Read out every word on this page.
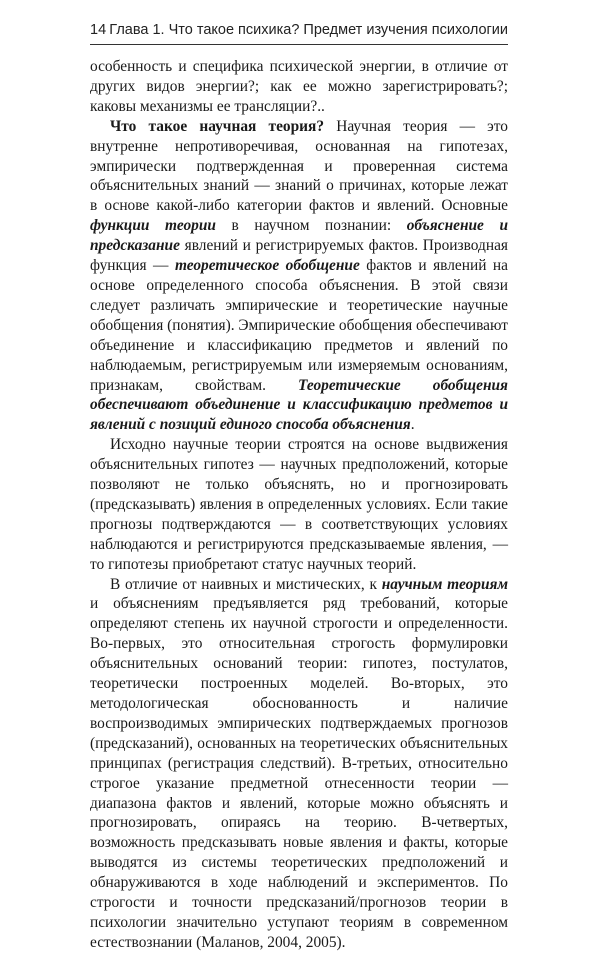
14 Глава 1. Что такое психика? Предмет изучения психологии

особенность и специфика психической энергии, в отличие от других видов энергии?; как ее можно зарегистрировать?; каковы механизмы ее трансляции?..

Что такое научная теория? Научная теория — это внутренне непротиворечивая, основанная на гипотезах, эмпирически подтвержденная и проверенная система объяснительных знаний — знаний о причинах, которые лежат в основе какой-либо категории фактов и явлений. Основные функции теории в научном познании: объяснение и предсказание явлений и регистрируемых фактов. Производная функция — теоретическое обобщение фактов и явлений на основе определенного способа объяснения. В этой связи следует различать эмпирические и теоретические научные обобщения (понятия). Эмпирические обобщения обеспечивают объединение и классификацию предметов и явлений по наблюдаемым, регистрируемым или измеряемым основаниям, признакам, свойствам. Теоретические обобщения обеспечивают объединение и классификацию предметов и явлений с позиций единого способа объяснения.

Исходно научные теории строятся на основе выдвижения объяснительных гипотез — научных предположений, которые позволяют не только объяснять, но и прогнозировать (предсказывать) явления в определенных условиях. Если такие прогнозы подтверждаются — в соответствующих условиях наблюдаются и регистрируются предсказываемые явления, — то гипотезы приобретают статус научных теорий.

В отличие от наивных и мистических, к научным теориям и объяснениям предъявляется ряд требований, которые определяют степень их научной строгости и определенности. Во-первых, это относительная строгость формулировки объяснительных оснований теории: гипотез, постулатов, теоретически построенных моделей. Во-вторых, это методологическая обоснованность и наличие воспроизводимых эмпирических подтверждаемых прогнозов (предсказаний), основанных на теоретических объяснительных принципах (регистрация следствий). В-третьих, относительно строгое указание предметной отнесенности теории — диапазона фактов и явлений, которые можно объяснять и прогнозировать, опираясь на теорию. В-четвертых, возможность предсказывать новые явления и факты, которые выводятся из системы теоретических предположений и обнаруживаются в ходе наблюдений и экспериментов. По строгости и точности предсказаний/прогнозов теории в психологии значительно уступают теориям в современном естествознании (Маланов, 2004, 2005).
